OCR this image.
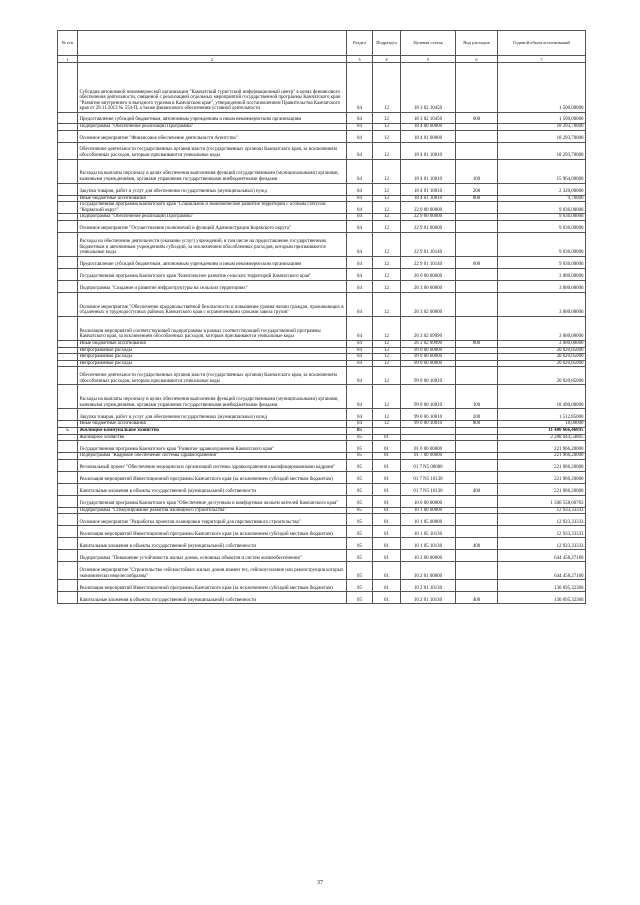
№ п/п		Раздел	Подраздел	Целевая статья	Вид расходов	Годовой объем ассигнований
1	2	3	4	5	6	7
	Субсидия автономной некоммерческой организации "Камчатский туристский информационный центр" в целях финансового обеспечения деятельности, связанной с реализацией отдельных мероприятий государственной программы Камчатского края "Развитие внутреннего и въездного туризма в Камчатском крае", утвержденной постановлением Правительства Камчатского края от 29.11.2013 № 554-П, а также финансового обеспечения уставной деятельности	04	12	18 3 02 10450		1 500,00000
	Предоставление субсидий бюджетным, автономным учреждениям и иным некоммерческим организациям	04	12	18 3 02 10450	600	1 500,00000
	Подпрограмма "Обеспечение реализации Программы"	04	12	18 4 00 00000		18 293,70000
	Основное мероприятие "Финансовое обеспечение деятельности Агентства"	04	12	18 4 01 00000		18 293,70000
	Обеспечение деятельности государственных органов власти (государственных органов) Камчатского края, за исключением обособленных расходов, которым присваиваются уникальные коды	04	12	18 4 01 10010		18 293,70000
	Расходы на выплаты персоналу в целях обеспечения выполнения функций государственными (муниципальными) органами, казенными учреждениями, органами управления государственными внебюджетными фондами	04	12	18 4 01 10010	100	15 964,00000
	Закупка товаров, работ и услуг для обеспечения государственных (муниципальных) нужд	04	12	18 4 01 10010	200	2 320,00000
	Иные бюджетные ассигнования	04	12	18 4 01 10010	800	9,70000
	Государственная программа Камчатского края "Социальное и экономическое развитие территории с особым статусом "Корякский округ"	04	12	22 0 00 00000		9 036,00000
	Подпрограмма "Обеспечение реализации Программы"	04	12	22 9 00 00000		9 036,00000
	Основное мероприятие "Осуществление полномочий и функций Администрации Корякского округа"	04	12	22 9 01 00000		9 036,00000
	Расходы на обеспечение деятельности (оказание услуг) учреждений, в том числе на предоставление государственным бюджетным и автономным учреждениям субсидий, за исключением обособленных расходов, которым присваиваются уникальные коды	04	12	22 9 01 10140		9 036,00000
	Предоставление субсидий бюджетным, автономным учреждениям и иным некоммерческим организациям	04	12	22 9 01 10140	600	9 036,00000
	Государственная программа Камчатского края "Комплексное развитие сельских территорий Камчатского края"	04	12	26 0 00 00000		3 000,00000
	Подпрограмма "Создание и развитие инфраструктуры на сельских территориях"	04	12	26 3 00 00000		3 000,00000
	Основное мероприятие "Обеспечение продовольственной безопасности и повышение уровня жизни граждан, проживающих в отдаленных и труднодоступных районах Камчатского края с ограниченными сроками завоза грузов"	04	12	26 3 02 00000		3 000,00000
	Реализация мероприятий соответствующей подпрограммы в рамках соответствующей государственной программы Камчатского края, за исключением обособленных расходов, которым присваиваются уникальные коды	04	12	26 3 02 09990		3 000,00000
	Иные бюджетные ассигнования	04	12	26 3 02 09990	800	3 000,00000
	Непрограммные расходы	04	12	99 0 00 00000		20 020,85000
	Непрограммные расходы	04	12	99 0 00 00000		20 020,85000
	Непрограммные расходы	04	12	99 0 00 00000		20 020,85000
	Обеспечение деятельности государственных органов власти (государственных органов) Камчатского края, за исключением обособленных расходов, которым присваиваются уникальные коды	04	12	99 0 00 10010		20 020,85000
	Расходы на выплаты персоналу в целях обеспечения выполнения функций государственными (муниципальными) органами, казенными учреждениями, органами управления государственными внебюджетными фондами	04	12	99 0 00 10010	100	18 490,00000
	Закупка товаров, работ и услуг для обеспечения государственных (муниципальных) нужд	04	12	99 0 00 10010	200	1 512,85000
	Иные бюджетные ассигнования	04	12	99 0 00 10010	800	18,00000
5	Жилищно-коммунальное хозяйство	05				11 480 666,46895
	Жилищное хозяйство	05	01			2 288 044,54805
	Государственная программа Камчатского края "Развитие здравоохранения Камчатского края"	05	01	01 0 00 00000		221 966,20000
	Подпрограмма "Кадровое обеспечение системы здравоохранения"	05	01	01 7 00 00000		221 966,20000
	Региональный проект "Обеспечение медицинских организаций системы здравоохранения квалифицированными кадрами"	05	01	01 7 N5 00000		221 966,20000
	Реализация мероприятий Инвестиционной программы Камчатского края (за исключением субсидий местным бюджетам)	05	01	01 7 N5 10130		221 966,20000
	Капитальные вложения в объекты государственной (муниципальной) собственности	05	01	01 7 N5 10130	400	221 966,20000
	Государственная программа Камчатского края "Обеспечение доступным и комфортным жильем жителей Камчатского края"	05	01	10 0 00 00000		1 506 558,66763
	Подпрограмма "Стимулирование развития жилищного строительства"	05	01	10 1 00 00000		12 933,33333
	Основное мероприятие "Разработка проектов планировки территорий для перспективного строительства"	05	01	10 1 05 00000		12 933,33333
	Реализация мероприятий Инвестиционной программы Камчатского края (за исключением субсидий местным бюджетам)	05	01	10 1 05 10130		12 933,33333
	Капитальные вложения в объекты государственной (муниципальной) собственности	05	01	10 1 05 10130	400	12 933,33333
	Подпрограмма "Повышение устойчивости жилых домов, основных объектов и систем жизнеобеспечения"	05	01	10 2 00 00000		644 458,27160
	Основное мероприятие "Строительство сейсмостойких жилых домов взамен тех, сейсмоусиление или реконструкция которых экономически нецелесообразны"	05	01	10 2 01 00000		644 458,27160
	Реализация мероприятий Инвестиционной программы Камчатского края (за исключением субсидий местным бюджетам)	05	01	10 2 01 10130		130 695,32360
	Капитальные вложения в объекты государственной (муниципальной) собственности	05	01	10 2 01 10130	400	130 695,32360
37
